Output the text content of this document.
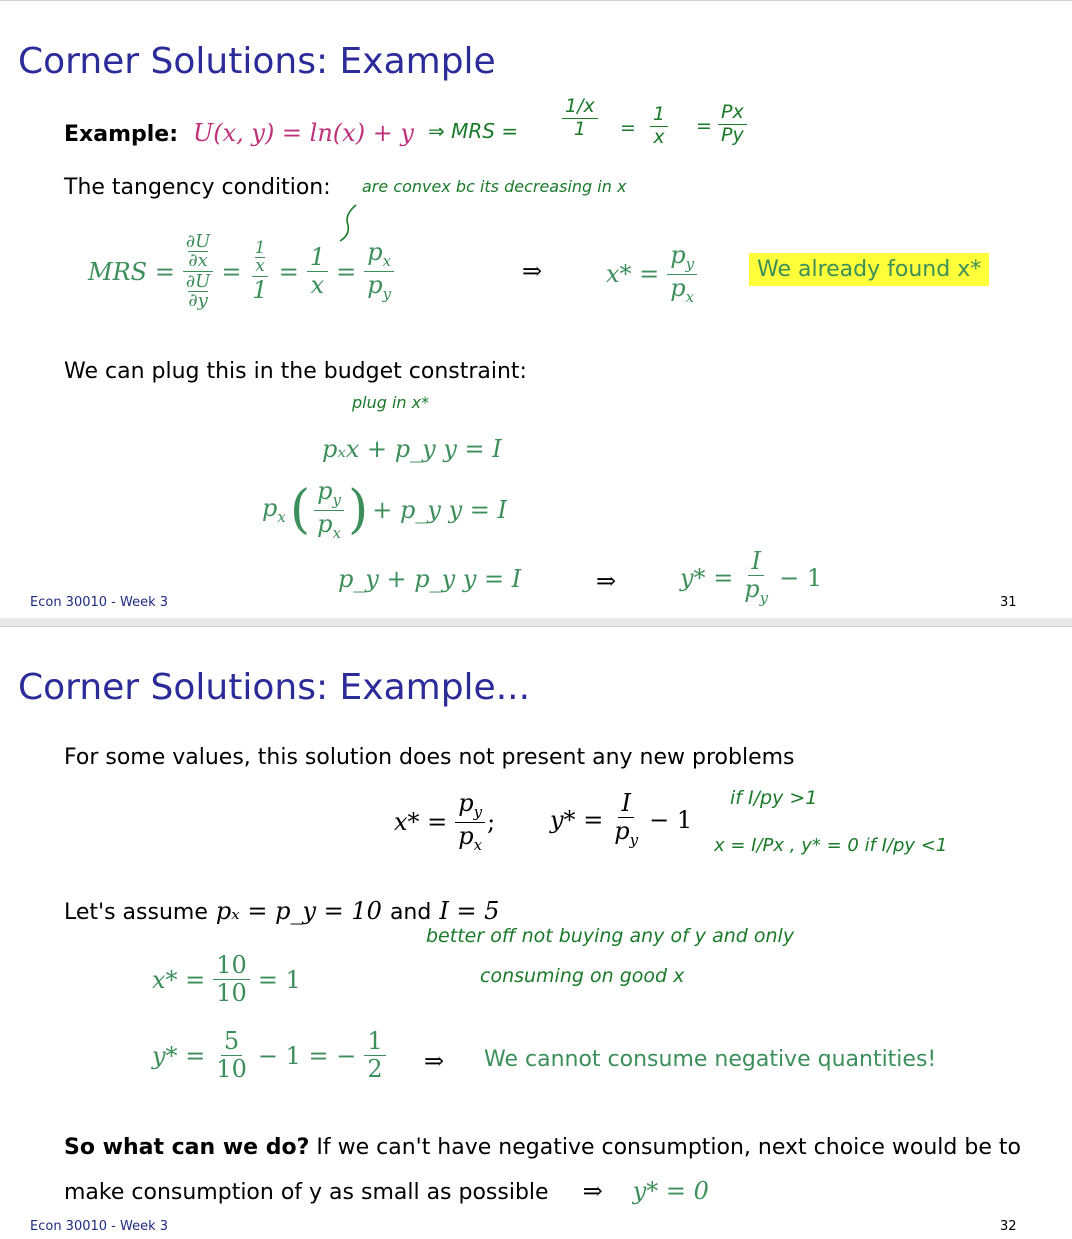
Corner Solutions: Example
Example: U(x, y) = ln(x) + y ⇒ MRS = $\frac{1/x}{1} = \frac{1}{x} = \frac{Px}{Py}$
The tangency condition: are convex bc its decreasing in x
MRS = ∂U
∂x
∂U
∂y = 1
x
$1 = \frac{1}{x} = \frac{p_x}{p_y}$	⇒	$x* = \frac{p_y}{p_x}$	We already found x*
We can plug this in the budget constraint:
plug in x*
pₓx + p_y y = I
$p_x$ ( $\frac{p_y}{p_x}$ ) + p_y y = I
p_y + p_y y = I	⇒	$y* = \frac{I}{p_y} - 1$
Econ 30010 - Week 3	31
Corner Solutions: Example...
For some values, this solution does not present any new problems
$x* = \frac{p_y}{p_x}$ ; $y* = \frac{I}{p_y} - 1$
if I/py >1
x = I/Px , y* = 0 if I/py <1
Let's assume pₓ = p_y = 10 and I = 5
better off not buying any of y and only
consuming on good x
$x* = \frac{10}{10} = 1$
$y* = \frac{5}{10} - 1$ = − $\frac{1}{2}$ ⇒ We cannot consume negative quantities!
So what can we do? If we can't have negative consumption, next choice would be to
make consumption of y as small as possible ⇒ y* = 0
Econ 30010 - Week 3	32
